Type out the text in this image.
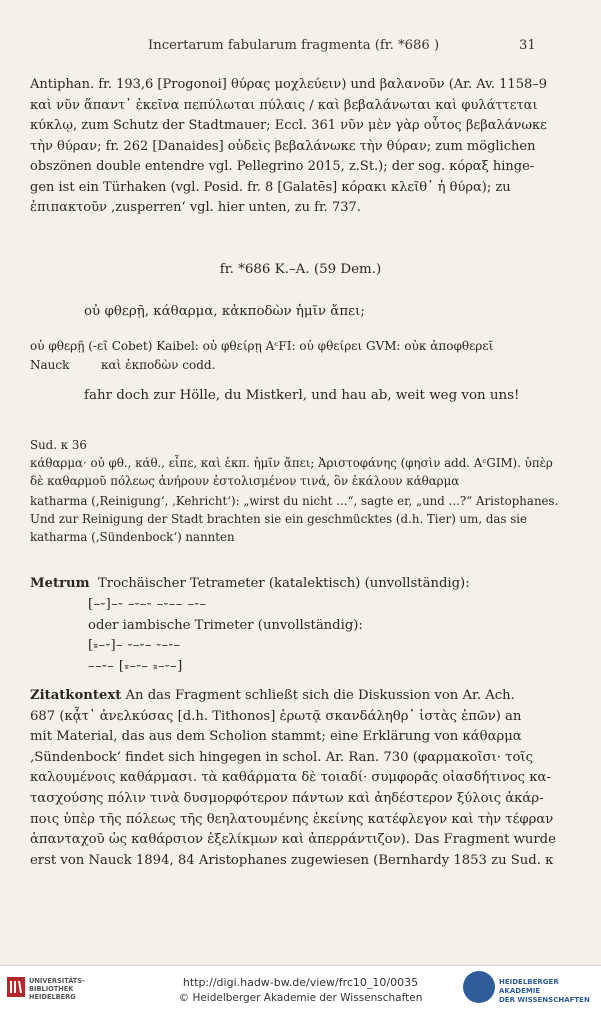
Incertarum fabularum fragmenta (fr. *686 )	31
Antiphan. fr. 193,6 [Progonoi] θύρας μοχλεύειν) und βαλανοῦν (Ar. Av. 1158–9
καὶ νῦν ἅπαντ᾽ ἐκεῖνα πεπύλωται πύλαις / καὶ βεβαλάνωται καὶ φυλάττεται
κύκλῳ, zum Schutz der Stadtmauer; Eccl. 361 νῦν μὲν γὰρ οὗτος βεβαλάνωκε
τὴν θύραν; fr. 262 [Danaides] οὐδεὶς βεβαλάνωκε τὴν θύραν; zum möglichen
obszönen double entendre vgl. Pellegrino 2015, z.St.); der sog. κόραξ hinge-
gen ist ein Türhaken (vgl. Posid. fr. 8 [Galatēs] κόρακι κλεῖθ᾽ ἡ θύρα); zu
ἐπιπακτοῦν ‚zusperren‘ vgl. hier unten, zu fr. 737.
fr. *686 K.–A. (59 Dem.)
οὐ φθερῇ, κάθαρμα, κἀκποδὼν ἡμῖν ἄπει;
οὐ φθερῇ (-εῖ Cobet) Kaibel: οὐ φθείρῃ AᶜFI: οὐ φθείρει GVM: οὐκ ἀποφθερεῖ
Nauck	καὶ ἐκποδὼν codd.
fahr doch zur Hölle, du Mistkerl, und hau ab, weit weg von uns!
Sud. κ 36
κάθαρμα· οὐ φθ., κάθ., εἶπε, καὶ ἐκπ. ἡμῖν ἄπει; Ἀριστοφάνης (φησὶν add. AᶜGIM). ὑπὲρ
δὲ καθαρμοῦ πόλεως ἀνήρουν ἐστολισμένον τινά, ὃν ἐκάλουν κάθαρμα
katharma (‚Reinigung‘, ‚Kehricht‘): „wirst du nicht ...“, sagte er, „und ...?“ Aristophanes.
Und zur Reinigung der Stadt brachten sie ein geschmücktes (d.h. Tier) um, das sie
katharma (‚Sündenbock‘) nannten
Metrum Trochäischer Tetrameter (katalektisch) (unvollständig):
[–⏑]–⏑ –⏑–⏑ –⏑–– –⏑–
oder iambische Trimeter (unvollständig):
[⏓–⏑]– ⏑–⏑– ⏑–⏑–
––⏑– [⏓–⏑– ⏓–⏑–]
Zitatkontext An das Fragment schließt sich die Diskussion von Ar. Ach.
687 (κᾆτ᾽ ἀνελκύσας [d.h. Tithonos] ἐρωτᾷ σκανδάληθρ᾽ ἱστὰς ἐπῶν) an
mit Material, das aus dem Scholion stammt; eine Erklärung von κάθαρμα
‚Sündenbock‘ findet sich hingegen in schol. Ar. Ran. 730 (φαρμακοῖσι· τοῖς
καλουμένοις καθάρμασι. τὰ καθάρματα δὲ τοιαδί· συμφορᾶς οἱασδήτινος κα-
τασχούσης πόλιν τινὰ δυσμορφότερον πάντων καὶ ἀηδέστερον ξύλοις ἀκάρ-
ποις ὑπὲρ τῆς πόλεως τῆς θεηλατουμένης ἐκείνης κατέφλεγον καὶ τὴν τέφραν
ἁπανταχοῦ ὡς καθάρσιον ἐξελίκμων καὶ ἀπερράντιζον). Das Fragment wurde
erst von Nauck 1894, 84 Aristophanes zugewiesen (Bernhardy 1853 zu Sud. κ
UNIVERSITÄTS-
BIBLIOTHEK
HEIDELBERG
http://digi.hadw-bw.de/view/frc10_10/0035
© Heidelberger Akademie der Wissenschaften
HEIDELBERGER AKADEMIE
DER WISSENSCHAFTEN
